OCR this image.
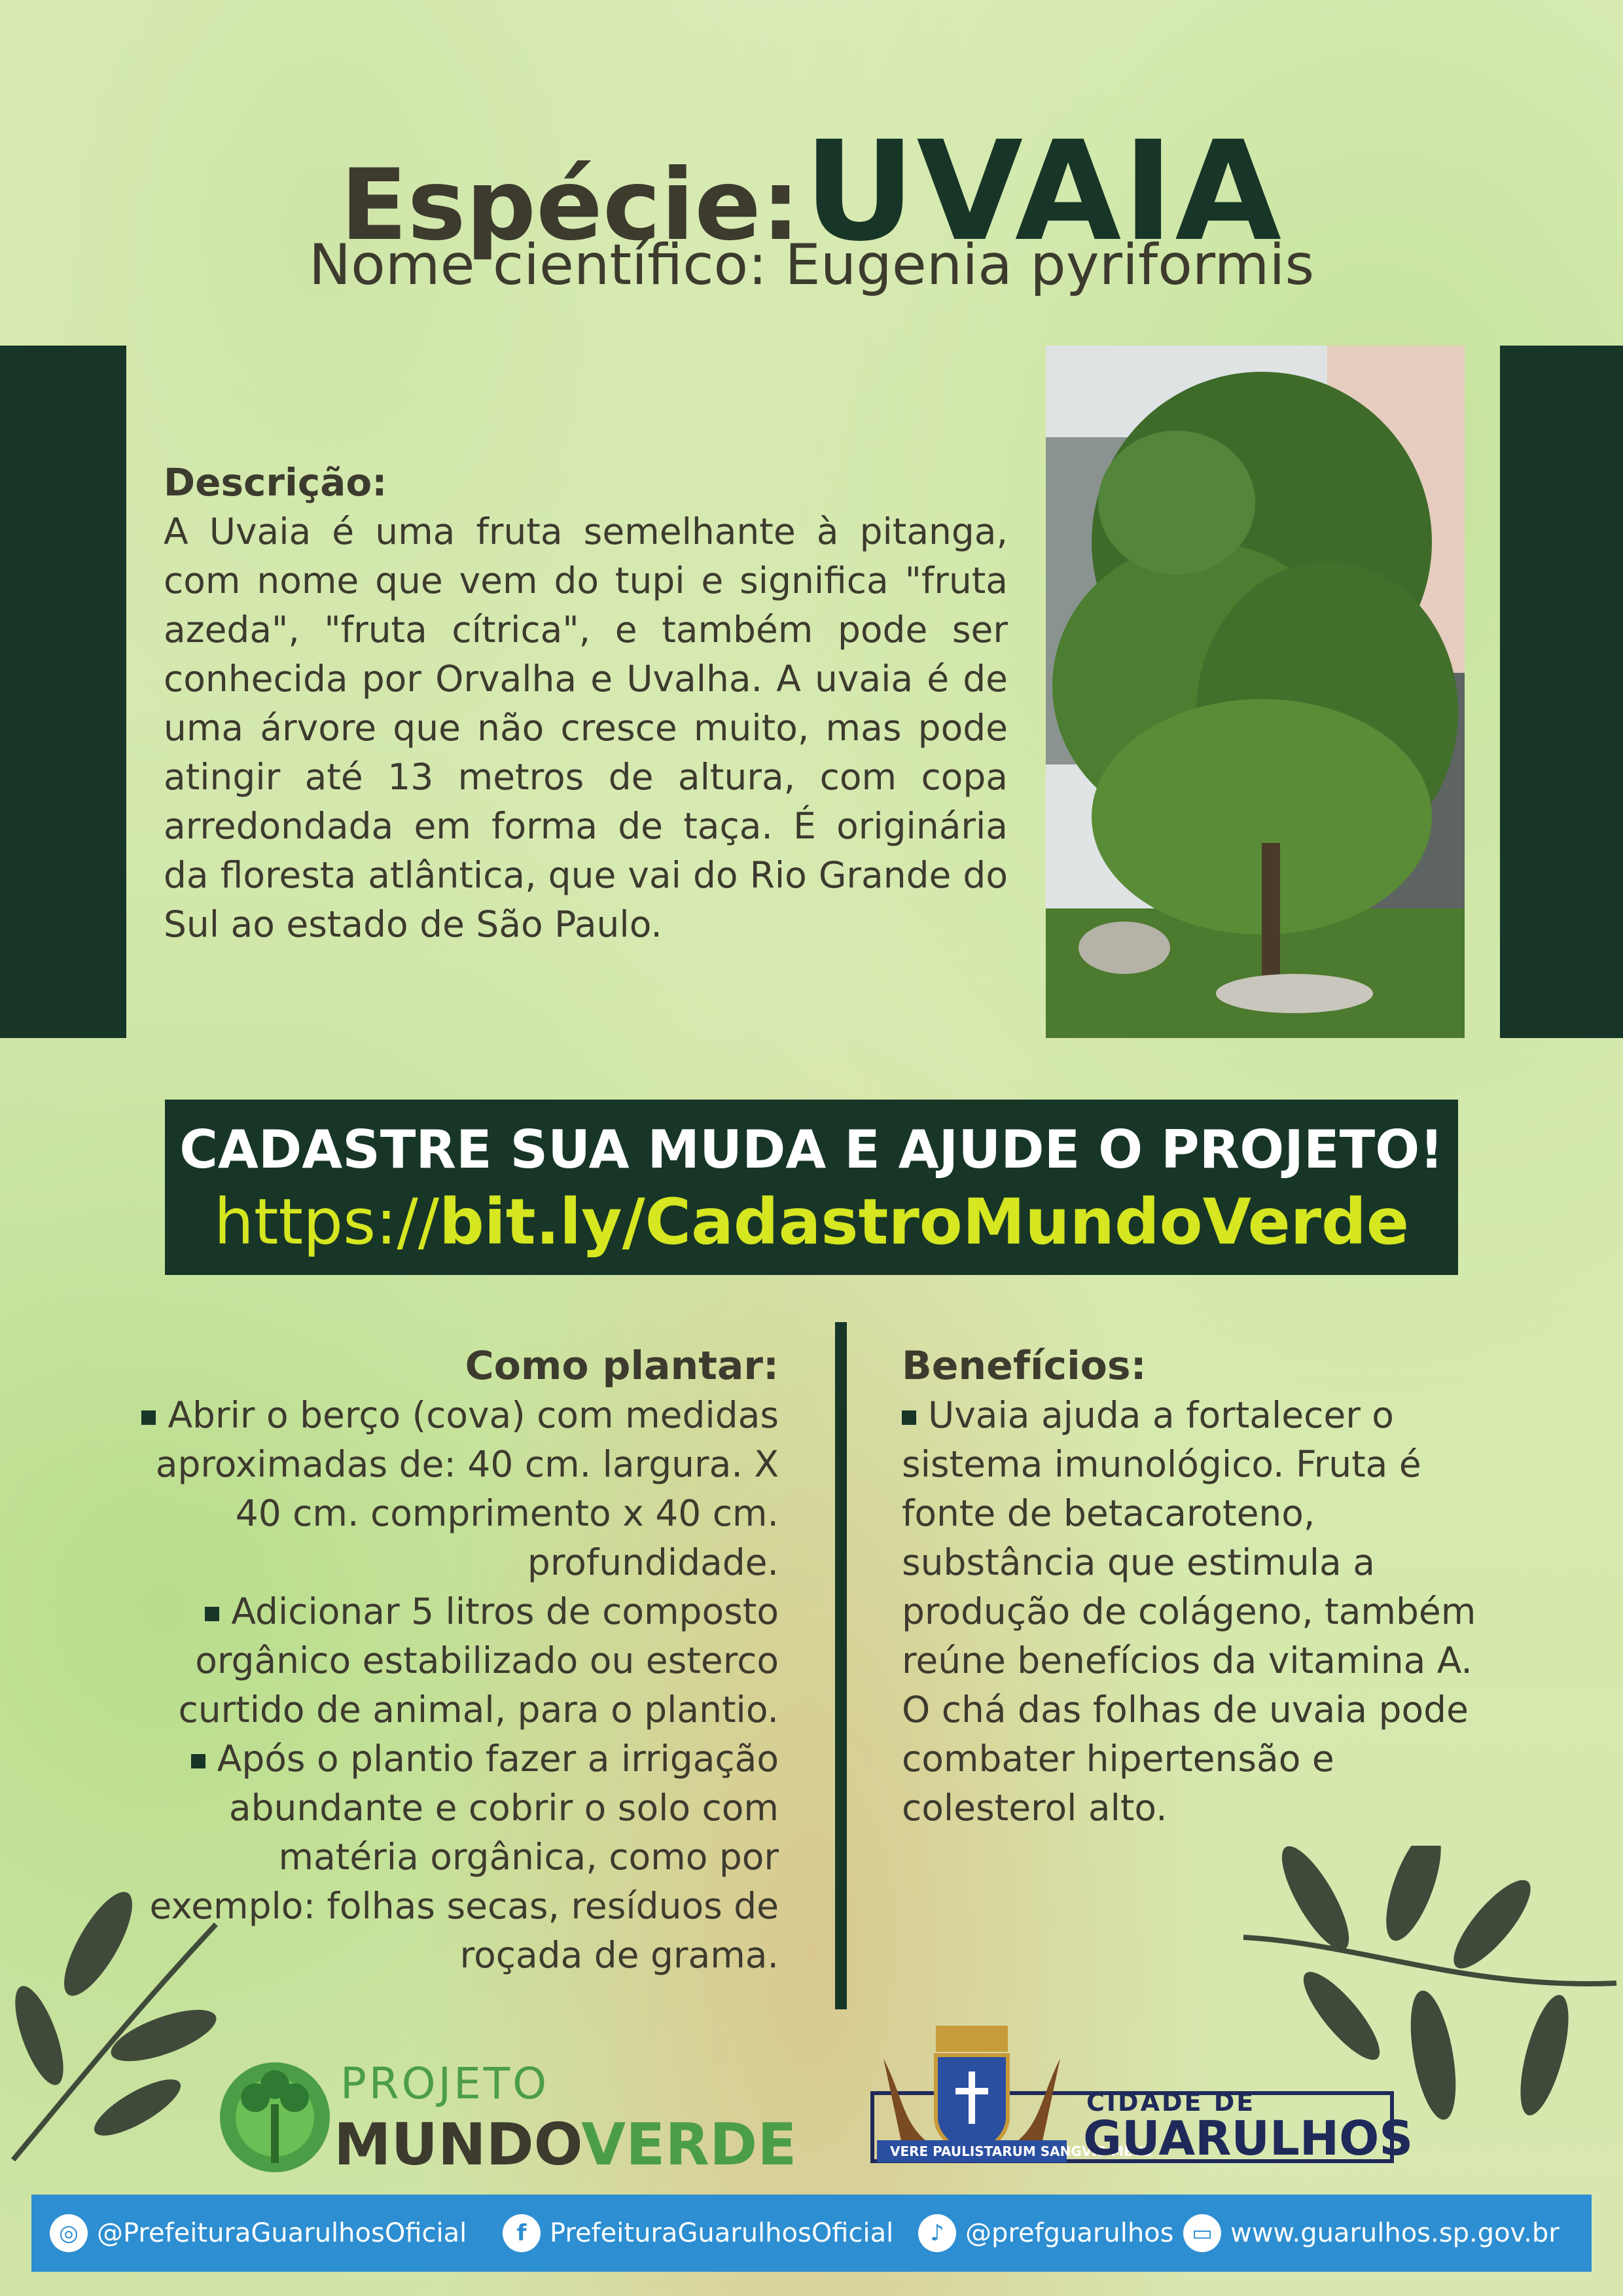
Espécie: UVAIA
Nome científico: Eugenia pyriformis
Descrição:

A Uvaia é uma fruta semelhante à pitanga, com nome que vem do tupi e significa "fruta azeda", "fruta cítrica", e também pode ser conhecida por Orvalha e Uvalha. A uvaia é de uma árvore que não cresce muito, mas pode atingir até 13 metros de altura, com copa arredondada em forma de taça. É originária da floresta atlântica, que vai do Rio Grande do Sul ao estado de São Paulo.

CADASTRE SUA MUDA E AJUDE O PROJETO!
https://bit.ly/CadastroMundoVerde
Como plantar:

Abrir o berço (cova) com medidas aproximadas de: 40 cm. largura. X 40 cm. comprimento x 40 cm. profundidade.

Adicionar 5 litros de composto orgânico estabilizado ou esterco curtido de animal, para o plantio.

Após o plantio fazer a irrigação abundante e cobrir o solo com matéria orgânica, como por exemplo: folhas secas, resíduos de roçada de grama.

Benefícios:

Uvaia ajuda a fortalecer o sistema imunológico. Fruta é fonte de betacaroteno, substância que estimula a produção de colágeno, também reúne benefícios da vitamina A. O chá das folhas de uvaia pode combater hipertensão e colesterol alto.

PROJETO
MUNDOVERDE	VERE PAULISTARUM SANGVIS MEVS
CIDADE DE
GUARULHOS
◎ @PrefeituraGuarulhosOficial	f PrefeituraGuarulhosOficial	♪ @prefguarulhos ▭ www.guarulhos.sp.gov.br
